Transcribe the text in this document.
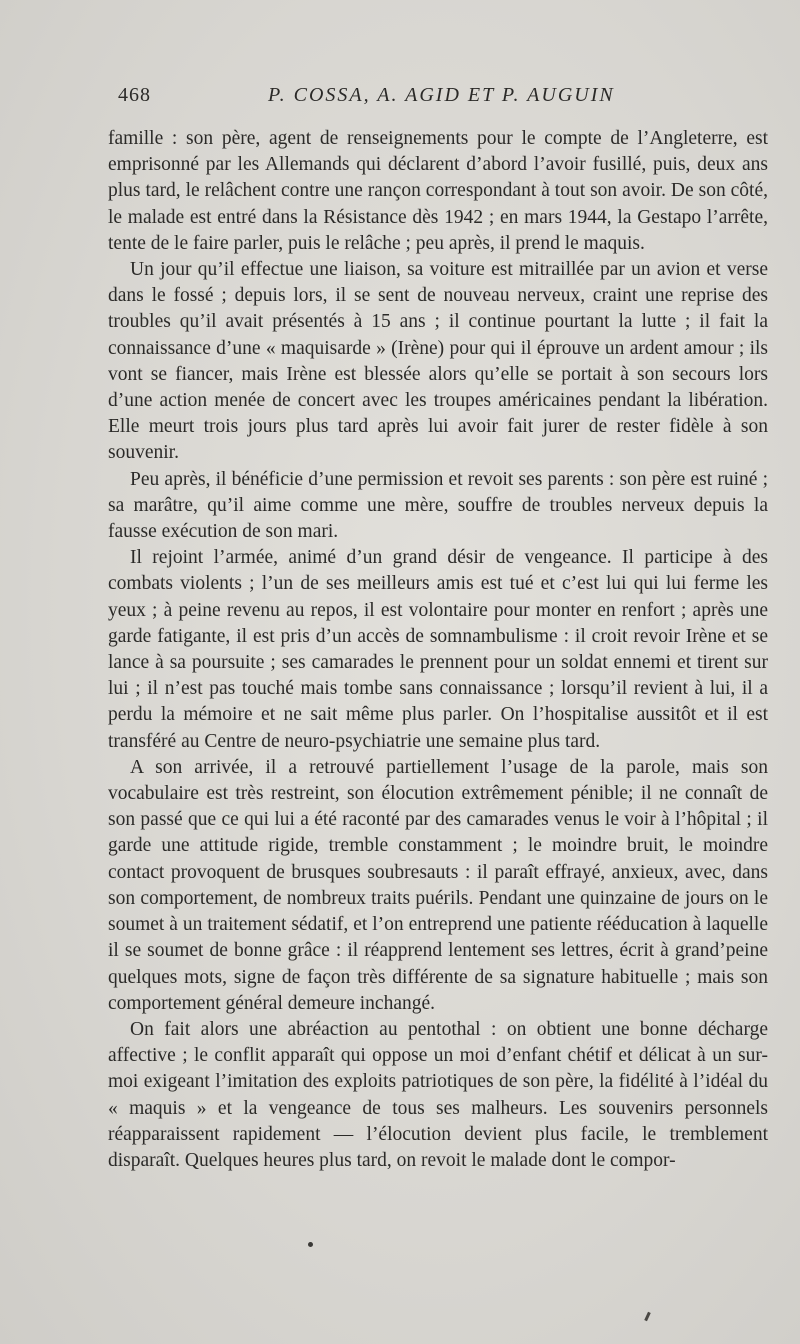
468	P. COSSA, A. AGID ET P. AUGUIN

famille : son père, agent de renseignements pour le compte de l’Angleterre, est emprisonné par les Allemands qui déclarent d’abord l’avoir fusillé, puis, deux ans plus tard, le relâchent contre une rançon correspondant à tout son avoir. De son côté, le malade est entré dans la Résistance dès 1942 ; en mars 1944, la Gestapo l’arrête, tente de le faire parler, puis le relâche ; peu après, il prend le maquis.

Un jour qu’il effectue une liaison, sa voiture est mitraillée par un avion et verse dans le fossé ; depuis lors, il se sent de nouveau nerveux, craint une reprise des troubles qu’il avait présentés à 15 ans ; il continue pourtant la lutte ; il fait la connaissance d’une « maquisarde » (Irène) pour qui il éprouve un ardent amour ; ils vont se fiancer, mais Irène est blessée alors qu’elle se portait à son secours lors d’une action menée de concert avec les troupes américaines pendant la libération. Elle meurt trois jours plus tard après lui avoir fait jurer de rester fidèle à son souvenir.

Peu après, il bénéficie d’une permission et revoit ses parents : son père est ruiné ; sa marâtre, qu’il aime comme une mère, souffre de troubles nerveux depuis la fausse exécution de son mari.

Il rejoint l’armée, animé d’un grand désir de vengeance. Il participe à des combats violents ; l’un de ses meilleurs amis est tué et c’est lui qui lui ferme les yeux ; à peine revenu au repos, il est volontaire pour monter en renfort ; après une garde fatigante, il est pris d’un accès de somnambulisme : il croit revoir Irène et se lance à sa poursuite ; ses camarades le prennent pour un soldat ennemi et tirent sur lui ; il n’est pas touché mais tombe sans connaissance ; lorsqu’il revient à lui, il a perdu la mémoire et ne sait même plus parler. On l’hospitalise aussitôt et il est transféré au Centre de neuro-psychiatrie une semaine plus tard.

A son arrivée, il a retrouvé partiellement l’usage de la parole, mais son vocabulaire est très restreint, son élocution extrêmement pénible; il ne connaît de son passé que ce qui lui a été raconté par des camarades venus le voir à l’hôpital ; il garde une attitude rigide, tremble constamment ; le moindre bruit, le moindre contact provoquent de brusques soubresauts : il paraît effrayé, anxieux, avec, dans son comportement, de nombreux traits puérils. Pendant une quinzaine de jours on le soumet à un traitement sédatif, et l’on entreprend une patiente rééducation à laquelle il se soumet de bonne grâce : il réapprend lentement ses lettres, écrit à grand’peine quelques mots, signe de façon très différente de sa signature habituelle ; mais son comportement général demeure inchangé.

On fait alors une abréaction au pentothal : on obtient une bonne décharge affective ; le conflit apparaît qui oppose un moi d’enfant chétif et délicat à un sur-moi exigeant l’imitation des exploits patriotiques de son père, la fidélité à l’idéal du « maquis » et la vengeance de tous ses malheurs. Les souvenirs personnels réapparaissent rapidement — l’élocution devient plus facile, le tremblement disparaît. Quelques heures plus tard, on revoit le malade dont le compor-
